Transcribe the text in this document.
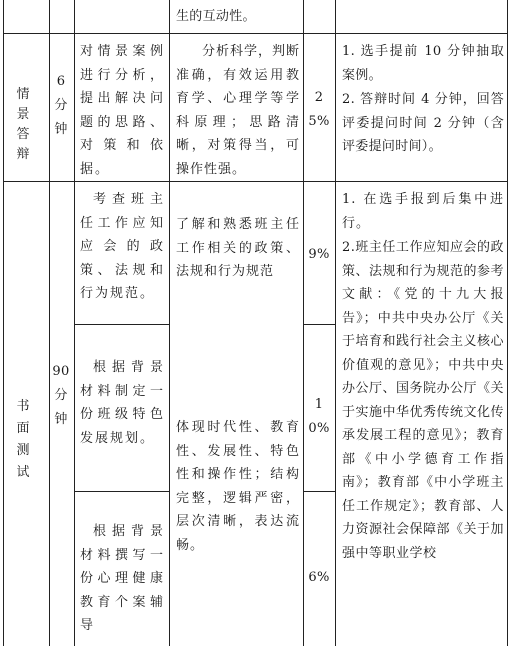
生的互动性。
情景答辩
6分钟
对情景案例进行分析，提出解决问题的思路、对策和依据。
分析科学，判断准确，有效运用教育学、心理学等学科原理；思路清晰，对策得当，可操作性强。
25%
1. 选手提前 10 分钟抽取案例。
2. 答辩时间 4 分钟，回答评委提问时间 2 分钟（含评委提问时间）。
书面测试
90分钟
考查班主任工作应知应会的政策、法规和行为规范。
了解和熟悉班主任工作相关的政策、法规和行为规范
9%
根据背景材料制定一份班级特色发展规划。
10%
体现时代性、教育性、发展性、特色性和操作性；结构完整，逻辑严密，层次清晰，表达流畅。
根据背景材料撰写一份心理健康教育个案辅导
6%
1. 在选手报到后集中进行。
2.班主任工作应知应会的政策、法规和行为规范的参考文献：《党的十九大报告》；中共中央办公厅《关于培育和践行社会主义核心价值观的意见》；中共中央办公厅、国务院办公厅《关于实施中华优秀传统文化传承发展工程的意见》；教育部《中小学德育工作指南》；教育部《中小学班主任工作规定》；教育部、人力资源社会保障部《关于加强中等职业学校
